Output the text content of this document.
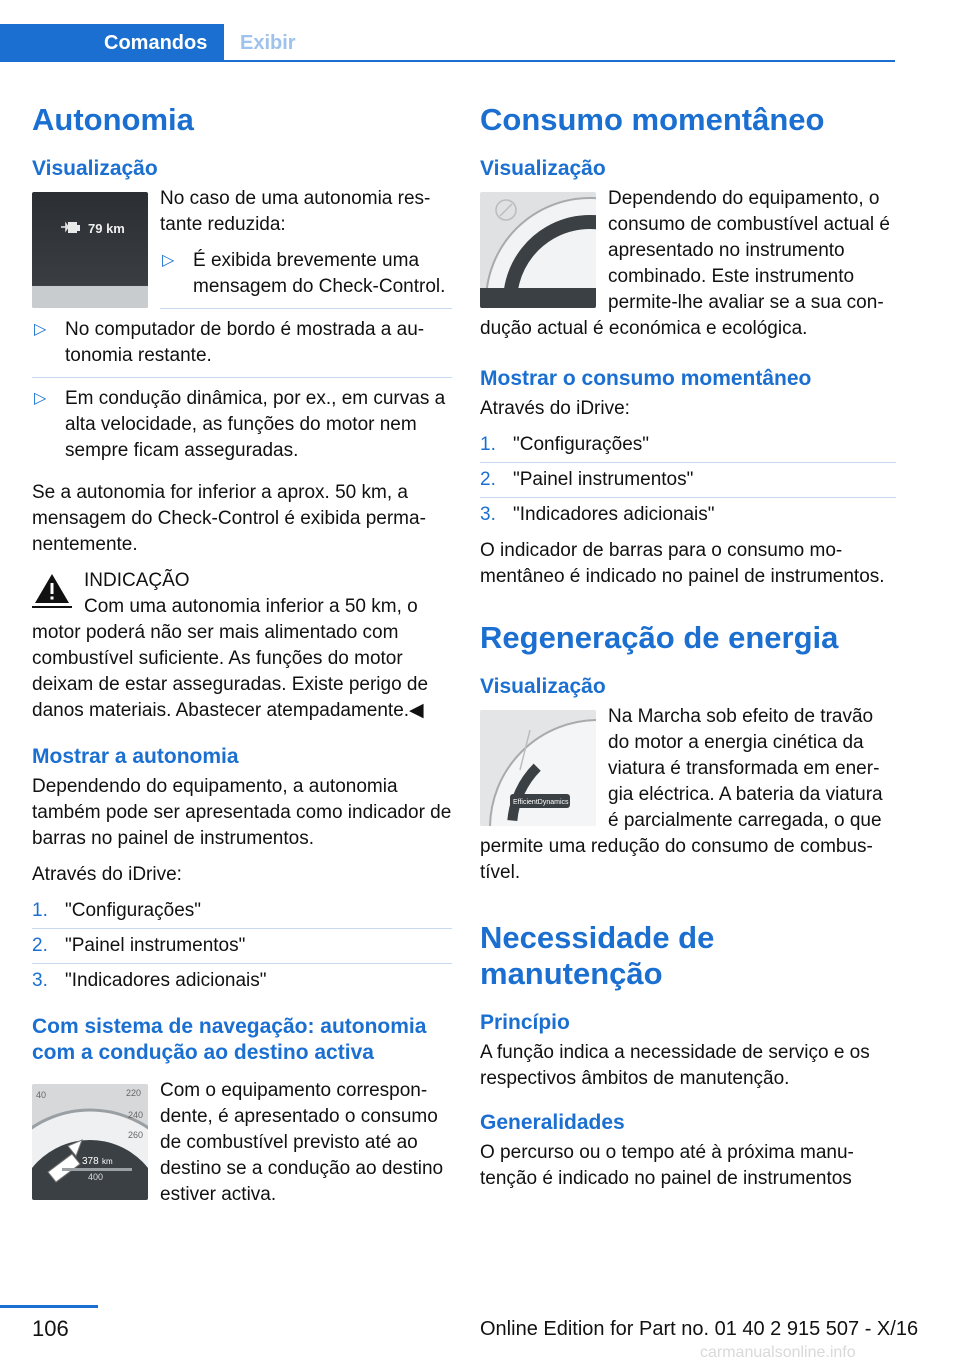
Comandos	Exibir
Autonomia
Visualização
79 km

No caso de uma autonomia restante reduzida:

▷ É exibida brevemente uma mensagem do Check-Control.
▷ No computador de bordo é mostrada a autonomia restante.
▷ Em condução dinâmica, por ex., em curvas a alta velocidade, as funções do motor nem sempre ficam asseguradas.

Se a autonomia for inferior a aprox. 50 km, a mensagem do Check-Control é exibida permanentemente.

INDICAÇÃO
Com uma autonomia inferior a 50 km, o motor poderá não ser mais alimentado com combustível suficiente. As funções do motor deixam de estar asseguradas. Existe perigo de danos materiais. Abastecer atempadamente.◀
Mostrar a autonomia

Dependendo do equipamento, a autonomia também pode ser apresentada como indicador de barras no painel de instrumentos.

Através do iDrive:

1. "Configurações"
2. "Painel instrumentos"
3. "Indicadores adicionais"
Com sistema de navegação: autonomia com a condução ao destino activa
40	220
240
260
378 km
400

Com o equipamento correspondente, é apresentado o consumo de combustível previsto até ao destino se a condução ao destino estiver activa.

Consumo momentâneo
Visualização

Dependendo do equipamento, o consumo de combustível actual é apresentado no instrumento combinado. Este instrumento permite-lhe avaliar se a sua condução actual é económica e ecológica.

Mostrar o consumo momentâneo

Através do iDrive:

1. "Configurações"
2. "Painel instrumentos"
3. "Indicadores adicionais"

O indicador de barras para o consumo momentâneo é indicado no painel de instrumentos.

Regeneração de energia
Visualização
EfficientDynamics

Na Marcha sob efeito de travão do motor a energia cinética da viatura é transformada em energia eléctrica. A bateria da viatura é parcialmente carregada, o que permite uma redução do consumo de combustível.

Necessidade de manutenção
Princípio

A função indica a necessidade de serviço e os respectivos âmbitos de manutenção.

Generalidades

O percurso ou o tempo até à próxima manutenção é indicado no painel de instrumentos

106	Online Edition for Part no. 01 40 2 915 507 - X/16
carmanualsonline.info
